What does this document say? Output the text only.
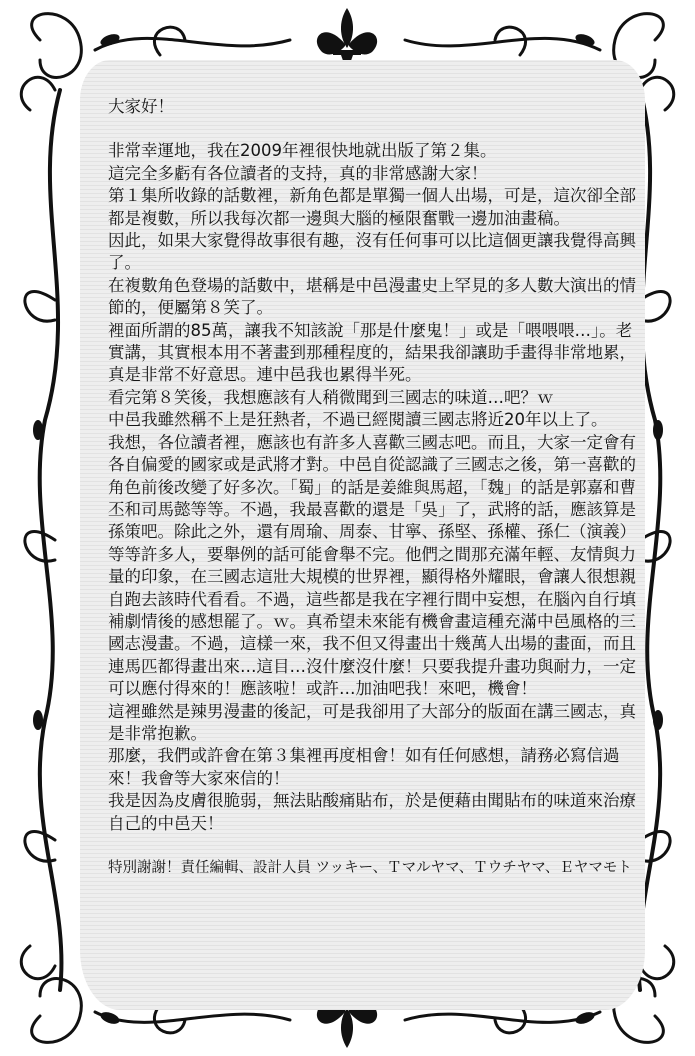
大家好！

非常幸運地，我在2009年裡很快地就出版了第２集。

這完全多虧有各位讀者的支持，真的非常感謝大家！

第１集所收錄的話數裡，新角色都是單獨一個人出場，可是，這次卻全部都是複數，所以我每次都一邊與大腦的極限奮戰一邊加油畫稿。

因此，如果大家覺得故事很有趣，沒有任何事可以比這個更讓我覺得高興了。

在複數角色登場的話數中，堪稱是中邑漫畫史上罕見的多人數大演出的情節的，便屬第８笑了。

裡面所謂的85萬，讓我不知該說「那是什麼鬼！」或是「喂喂喂…」。老實講，其實根本用不著畫到那種程度的，結果我卻讓助手畫得非常地累，真是非常不好意思。連中邑我也累得半死。

看完第８笑後，我想應該有人稍微聞到三國志的味道…吧？ｗ

中邑我雖然稱不上是狂熱者，不過已經閱讀三國志將近20年以上了。

我想，各位讀者裡，應該也有許多人喜歡三國志吧。而且，大家一定會有各自偏愛的國家或是武將才對。中邑自從認識了三國志之後，第一喜歡的角色前後改變了好多次。「蜀」的話是姜維與馬超，「魏」的話是郭嘉和曹丕和司馬懿等等。不過，我最喜歡的還是「吳」了，武將的話，應該算是孫策吧。除此之外，還有周瑜、周泰、甘寧、孫堅、孫權、孫仁（演義）等等許多人，要舉例的話可能會舉不完。他們之間那充滿年輕、友情與力量的印象，在三國志這壯大規模的世界裡，顯得格外耀眼，會讓人很想親自跑去該時代看看。不過，這些都是我在字裡行間中妄想，在腦內自行填補劇情後的感想罷了。ｗ。真希望未來能有機會畫這種充滿中邑風格的三國志漫畫。不過，這樣一來，我不但又得畫出十幾萬人出場的畫面，而且連馬匹都得畫出來…這目…沒什麼沒什麼！只要我提升畫功與耐力，一定可以應付得來的！應該啦！或許…加油吧我！來吧，機會！

這裡雖然是辣男漫畫的後記，可是我卻用了大部分的版面在講三國志，真是非常抱歉。

那麼，我們或許會在第３集裡再度相會！如有任何感想，請務必寫信過來！我會等大家來信的！

我是因為皮膚很脆弱，無法貼酸痛貼布，於是便藉由聞貼布的味道來治療自己的中邑天！

特別謝謝！責任編輯、設計人員 ツッキー、Ｔマルヤマ、Ｔウチヤマ、Ｅヤマモト
